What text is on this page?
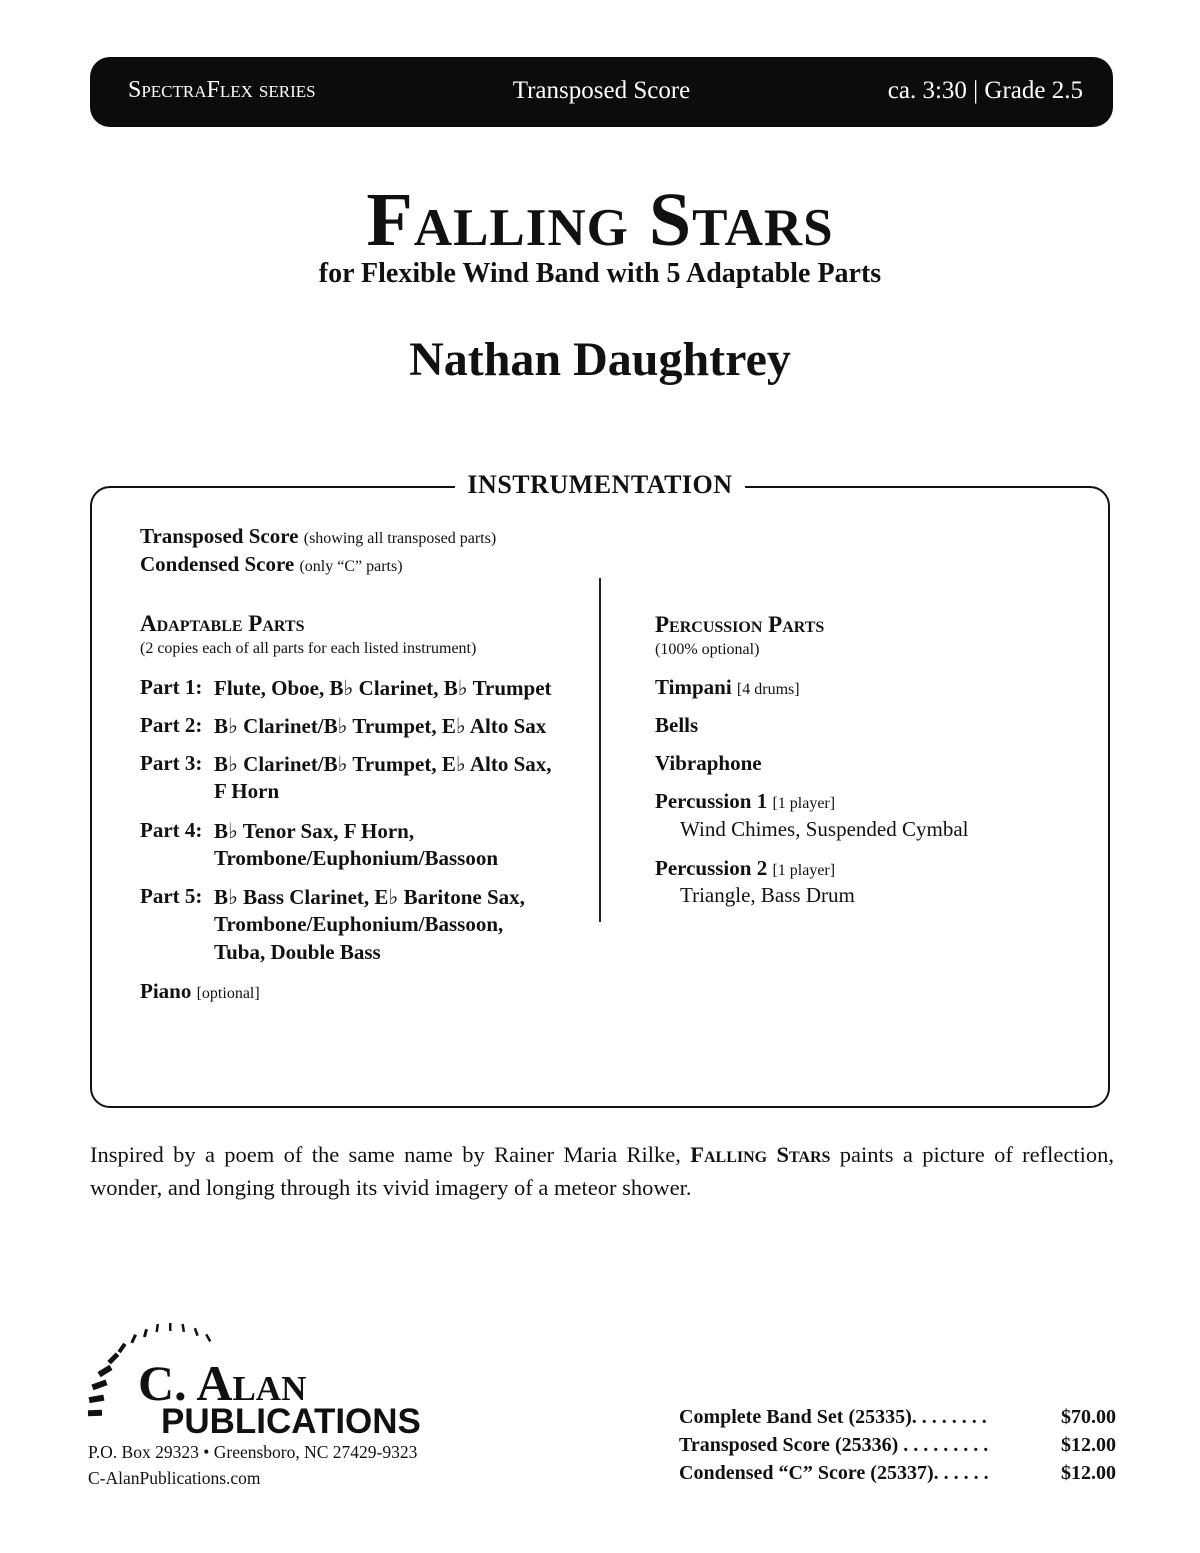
Transposed Score
SpectraFlex series	ca. 3:30 | Grade 2.5
Falling Stars
for Flexible Wind Band with 5 Adaptable Parts
Nathan Daughtrey
INSTRUMENTATION
Transposed Score (showing all transposed parts)
Condensed Score (only “C” parts)
Adaptable Parts
(2 copies each of all parts for each listed instrument)
Part 1: Flute, Oboe, B♭ Clarinet, B♭ Trumpet
Part 2: B♭ Clarinet/B♭ Trumpet, E♭ Alto Sax
Part 3: B♭ Clarinet/B♭ Trumpet, E♭ Alto Sax,
F Horn
Part 4: B♭ Tenor Sax, F Horn,
Trombone/Euphonium/Bassoon
Part 5: B♭ Bass Clarinet, E♭ Baritone Sax,
Trombone/Euphonium/Bassoon,
Tuba, Double Bass
Piano [optional]
Percussion Parts
(100% optional)
Timpani [4 drums]
Bells
Vibraphone
Percussion 1 [1 player]
Wind Chimes, Suspended Cymbal
Percussion 2 [1 player]
Triangle, Bass Drum
Inspired by a poem of the same name by Rainer Maria Rilke, Falling Stars paints a picture of reflection, wonder, and longing through its vivid imagery of a meteor shower.
C. Alan
PUBLICATIONS
P.O. Box 29323 • Greensboro, NC 27429-9323
C-AlanPublications.com
Complete Band Set (25335). . . . . . . .	$70.00
Transposed Score (25336) . . . . . . . . .	$12.00
Condensed “C” Score (25337). . . . . .	$12.00
